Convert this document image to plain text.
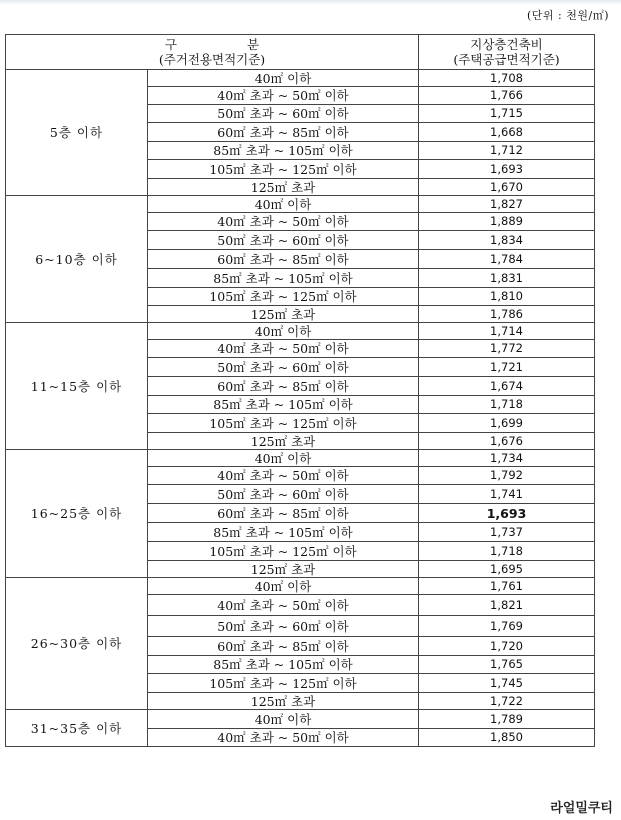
(단위 : 천원/㎡)
구 분
(주거전용면적기준)		지상층건축비
(주택공급면적기준)

5층 이하	40㎡ 이하	1,708
	40㎡ 초과 ~ 50㎡ 이하	1,766
	50㎡ 초과 ~ 60㎡ 이하	1,715
	60㎡ 초과 ~ 85㎡ 이하	1,668
	85㎡ 초과 ~ 105㎡ 이하	1,712
	105㎡ 초과 ~ 125㎡ 이하	1,693
	125㎡ 초과	1,670
6~10층 이하	40㎡ 이하	1,827
	40㎡ 초과 ~ 50㎡ 이하	1,889
	50㎡ 초과 ~ 60㎡ 이하	1,834
	60㎡ 초과 ~ 85㎡ 이하	1,784
	85㎡ 초과 ~ 105㎡ 이하	1,831
	105㎡ 초과 ~ 125㎡ 이하	1,810
	125㎡ 초과	1,786
11~15층 이하	40㎡ 이하	1,714
	40㎡ 초과 ~ 50㎡ 이하	1,772
	50㎡ 초과 ~ 60㎡ 이하	1,721
	60㎡ 초과 ~ 85㎡ 이하	1,674
	85㎡ 초과 ~ 105㎡ 이하	1,718
	105㎡ 초과 ~ 125㎡ 이하	1,699
	125㎡ 초과	1,676
16~25층 이하	40㎡ 이하	1,734
	40㎡ 초과 ~ 50㎡ 이하	1,792
	50㎡ 초과 ~ 60㎡ 이하	1,741
	60㎡ 초과 ~ 85㎡ 이하	1,693
	85㎡ 초과 ~ 105㎡ 이하	1,737
	105㎡ 초과 ~ 125㎡ 이하	1,718
	125㎡ 초과	1,695
26~30층 이하	40㎡ 이하	1,761
	40㎡ 초과 ~ 50㎡ 이하	1,821
	50㎡ 초과 ~ 60㎡ 이하	1,769
	60㎡ 초과 ~ 85㎡ 이하	1,720
	85㎡ 초과 ~ 105㎡ 이하	1,765
	105㎡ 초과 ~ 125㎡ 이하	1,745
	125㎡ 초과	1,722
31~35층 이하	40㎡ 이하	1,789
	40㎡ 초과 ~ 50㎡ 이하	1,850
라얼밀쿠티
